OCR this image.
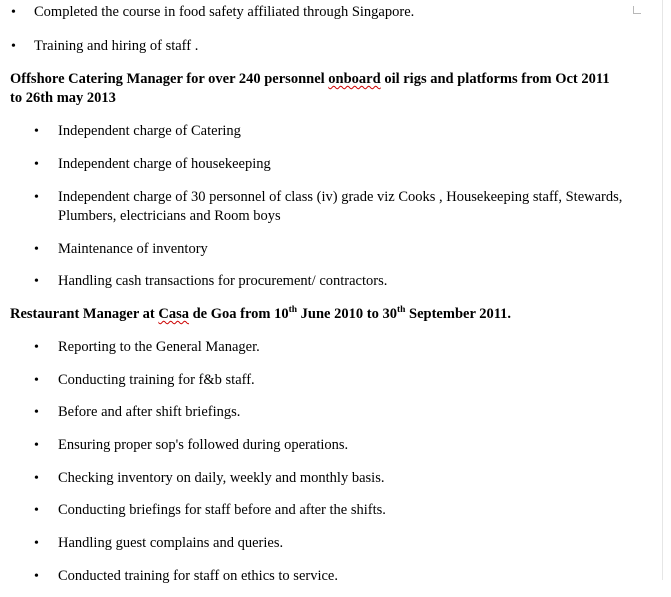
• Completed the course in food safety affiliated through Singapore.
• Training and hiring of staff .
Offshore Catering Manager for over 240 personnel onboard oil rigs and platforms from Oct 2011
to 26th may 2013
• Independent charge of Catering
• Independent charge of housekeeping
• Independent charge of 30 personnel of class (iv) grade viz Cooks , Housekeeping staff, Stewards, Plumbers, electricians and Room boys
• Maintenance of inventory
• Handling cash transactions for procurement/ contractors.
Restaurant Manager at Casa de Goa from 10th June 2010 to 30th September 2011.
• Reporting to the General Manager.
• Conducting training for f&b staff.
• Before and after shift briefings.
• Ensuring proper sop's followed during operations.
• Checking inventory on daily, weekly and monthly basis.
• Conducting briefings for staff before and after the shifts.
• Handling guest complains and queries.
• Conducted training for staff on ethics to service.
